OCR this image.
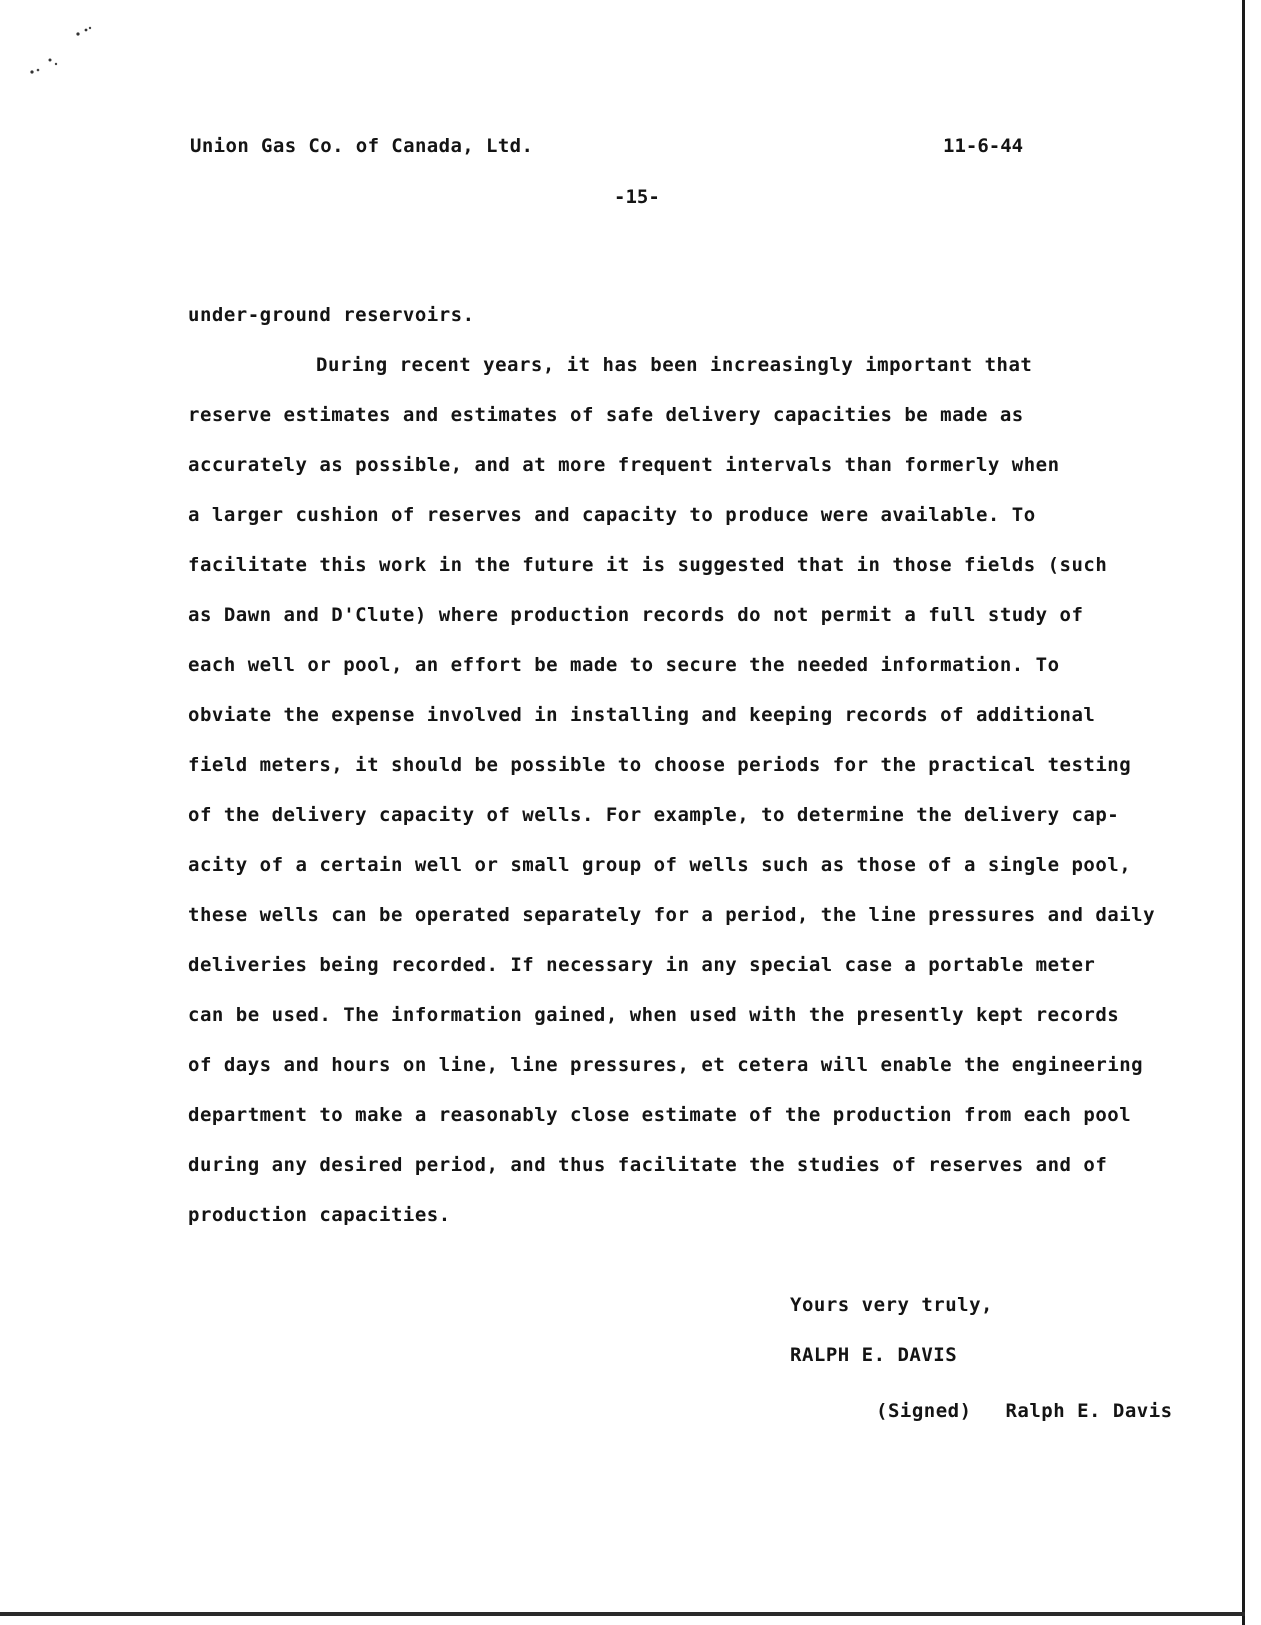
Union Gas Co. of Canada, Ltd.	11-6-44
-15-
under-ground reservoirs.
During recent years, it has been increasingly important that
reserve estimates and estimates of safe delivery capacities be made as
accurately as possible, and at more frequent intervals than formerly when
a larger cushion of reserves and capacity to produce were available. To
facilitate this work in the future it is suggested that in those fields (such
as Dawn and D'Clute) where production records do not permit a full study of
each well or pool, an effort be made to secure the needed information. To
obviate the expense involved in installing and keeping records of additional
field meters, it should be possible to choose periods for the practical testing
of the delivery capacity of wells. For example, to determine the delivery cap-
acity of a certain well or small group of wells such as those of a single pool,
these wells can be operated separately for a period, the line pressures and daily
deliveries being recorded. If necessary in any special case a portable meter
can be used. The information gained, when used with the presently kept records
of days and hours on line, line pressures, et cetera will enable the engineering
department to make a reasonably close estimate of the production from each pool
during any desired period, and thus facilitate the studies of reserves and of
production capacities.
Yours very truly,
RALPH E. DAVIS
(Signed) Ralph E. Davis
